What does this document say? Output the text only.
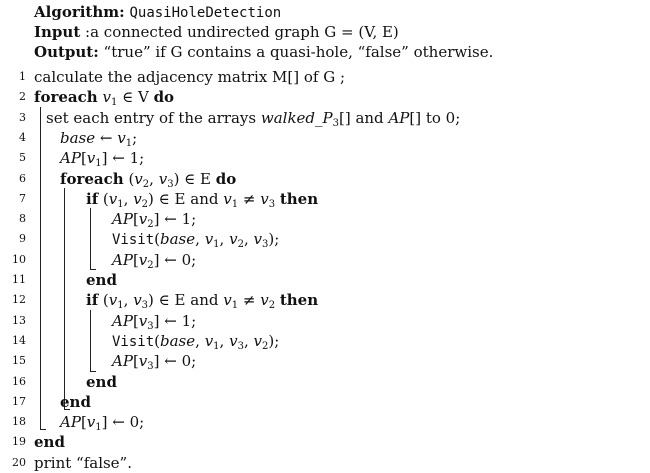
Algorithm: QuasiHoleDetection
Input :a connected undirected graph G = (V, E)
Output: “true” if G contains a quasi-hole, “false” otherwise.
1 calculate the adjacency matrix M[] of G ;
2 foreach $v_1$ ∈ V do
3 set each entry of the arrays $walked\_P_3[]$ and AP[] to 0;
4 base ← $v_1$;
5 $AP[v_1]$ ← 1;
6 foreach ($v_2$, $v_3$) ∈ E do
7	if ($v_1$, $v_2$) ∈ E and $v_1 \ne v_3$ then
8	$AP[v_2]$ ← 1;
9	Visit(base, $v_1$, $v_2$, $v_3$);
10	$AP[v_2]$ ← 0;
11	end
12	if ($v_1$, $v_3$) ∈ E and $v_1 \ne v_2$ then
13	$AP[v_3]$ ← 1;
14	Visit(base, $v_1$, $v_3$, $v_2$);
15	$AP[v_3]$ ← 0;
16	end
17 end
18 $AP[v_1]$ ← 0;
19 end
20 print “false”.
